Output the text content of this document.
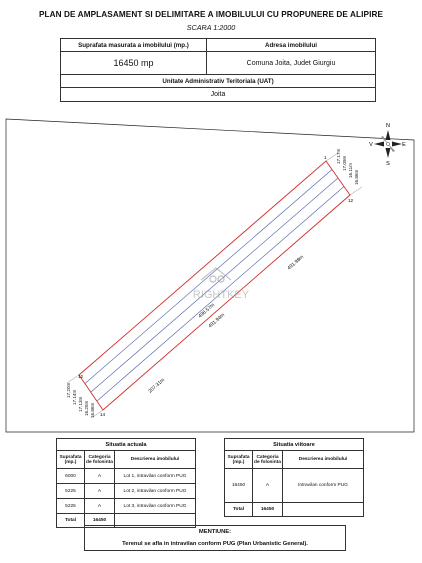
PLAN DE AMPLASAMENT SI DELIMITARE A IMOBILULUI CU PROPUNERE DE ALIPIRE
SCARA 1:2000
Suprafata masurata a imobilului (mp.)	Adresa imobilului
16450 mp	Comuna Joita, Judet Giurgiu
Unitate Administrativ Teritoriala (UAT)	
Joita	
N
S
V	E
1
12
12
14
17.17m 17.09m 16.11m 16.86m
17.20m 17.14m 17.13m 16.25m 16.86m
491.98m
496.57m
491.94m
207.31m
RIGHTKEY
Situatia actuala		
Suprafata (mp.)	Categoria de folosinta	Descrierea imobilului
6000	A	Lot 1, intravilan conform PUG
5225	A	Lot 2, intravilan conform PUG
5225	A	Lot 3, intravilan conform PUG
Total	16450	
Situatia viitoare		
Suprafata (mp.)	Categoria de folosinta	Descrierea imobilului
16450	A	Intravilan conform PUG
Total	16450	
MENTIUNE:
Terenul se afla in intravilan conform PUG (Plan Urbanistic General).
